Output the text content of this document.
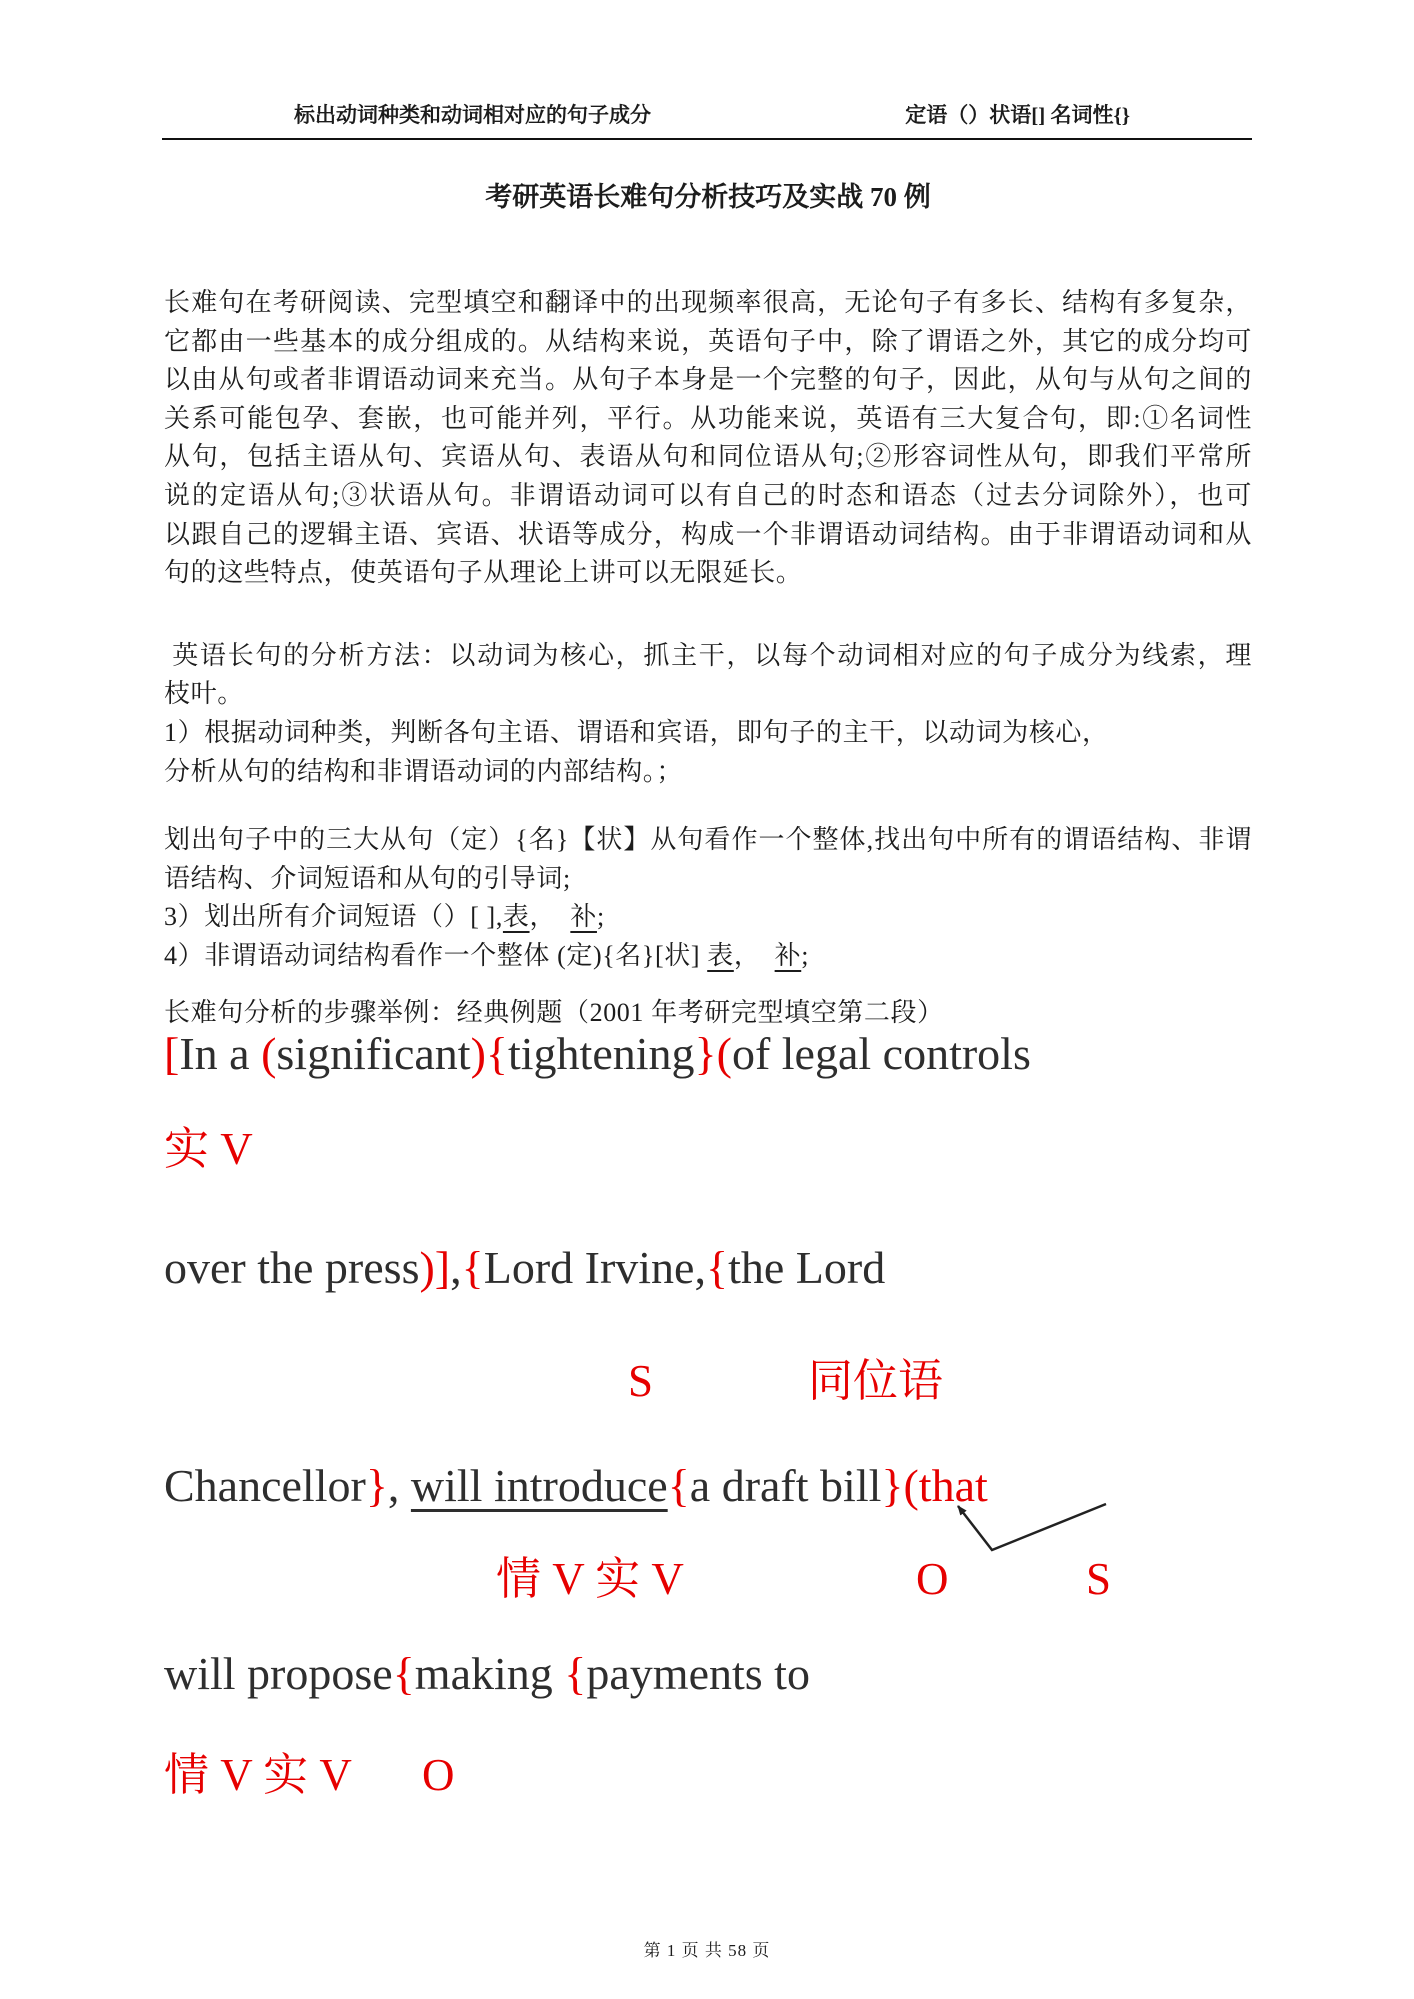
标出动词种类和动词相对应的句子成分	定语（）状语[] 名词性{}
考研英语长难句分析技巧及实战 70 例
长难句在考研阅读、完型填空和翻译中的出现频率很高，无论句子有多长、结构有多复杂，
它都由一些基本的成分组成的。从结构来说，英语句子中，除了谓语之外，其它的成分均可
以由从句或者非谓语动词来充当。从句子本身是一个完整的句子，因此，从句与从句之间的
关系可能包孕、套嵌，也可能并列，平行。从功能来说，英语有三大复合句，即:①名词性
从句，包括主语从句、宾语从句、表语从句和同位语从句;②形容词性从句，即我们平常所
说的定语从句;③状语从句。非谓语动词可以有自己的时态和语态（过去分词除外），也可
以跟自己的逻辑主语、宾语、状语等成分，构成一个非谓语动词结构。由于非谓语动词和从
句的这些特点，使英语句子从理论上讲可以无限延长。
英语长句的分析方法：以动词为核心，抓主干，以每个动词相对应的句子成分为线索，理
枝叶。
1）根据动词种类，判断各句主语、谓语和宾语，即句子的主干，以动词为核心，
分析从句的结构和非谓语动词的内部结构。；
划出句子中的三大从句（定）{名}【状】从句看作一个整体,找出句中所有的谓语结构、非谓
语结构、介词短语和从句的引导词;
3）划出所有介词短语（）[ ],表，  补;
4）非谓语动词结构看作一个整体 (定){名}[状] 表，  补;
长难句分析的步骤举例：经典例题（2001 年考研完型填空第二段）
[In a (significant){tightening}(of legal controls
实 V
over the press)],{Lord Irvine,{the Lord
S	同位语
Chancellor}, will introduce{a draft bill}(that
情 V 实 V	O	S
will propose{making {payments to
情 V 实 V O
第 1 页 共 58 页
